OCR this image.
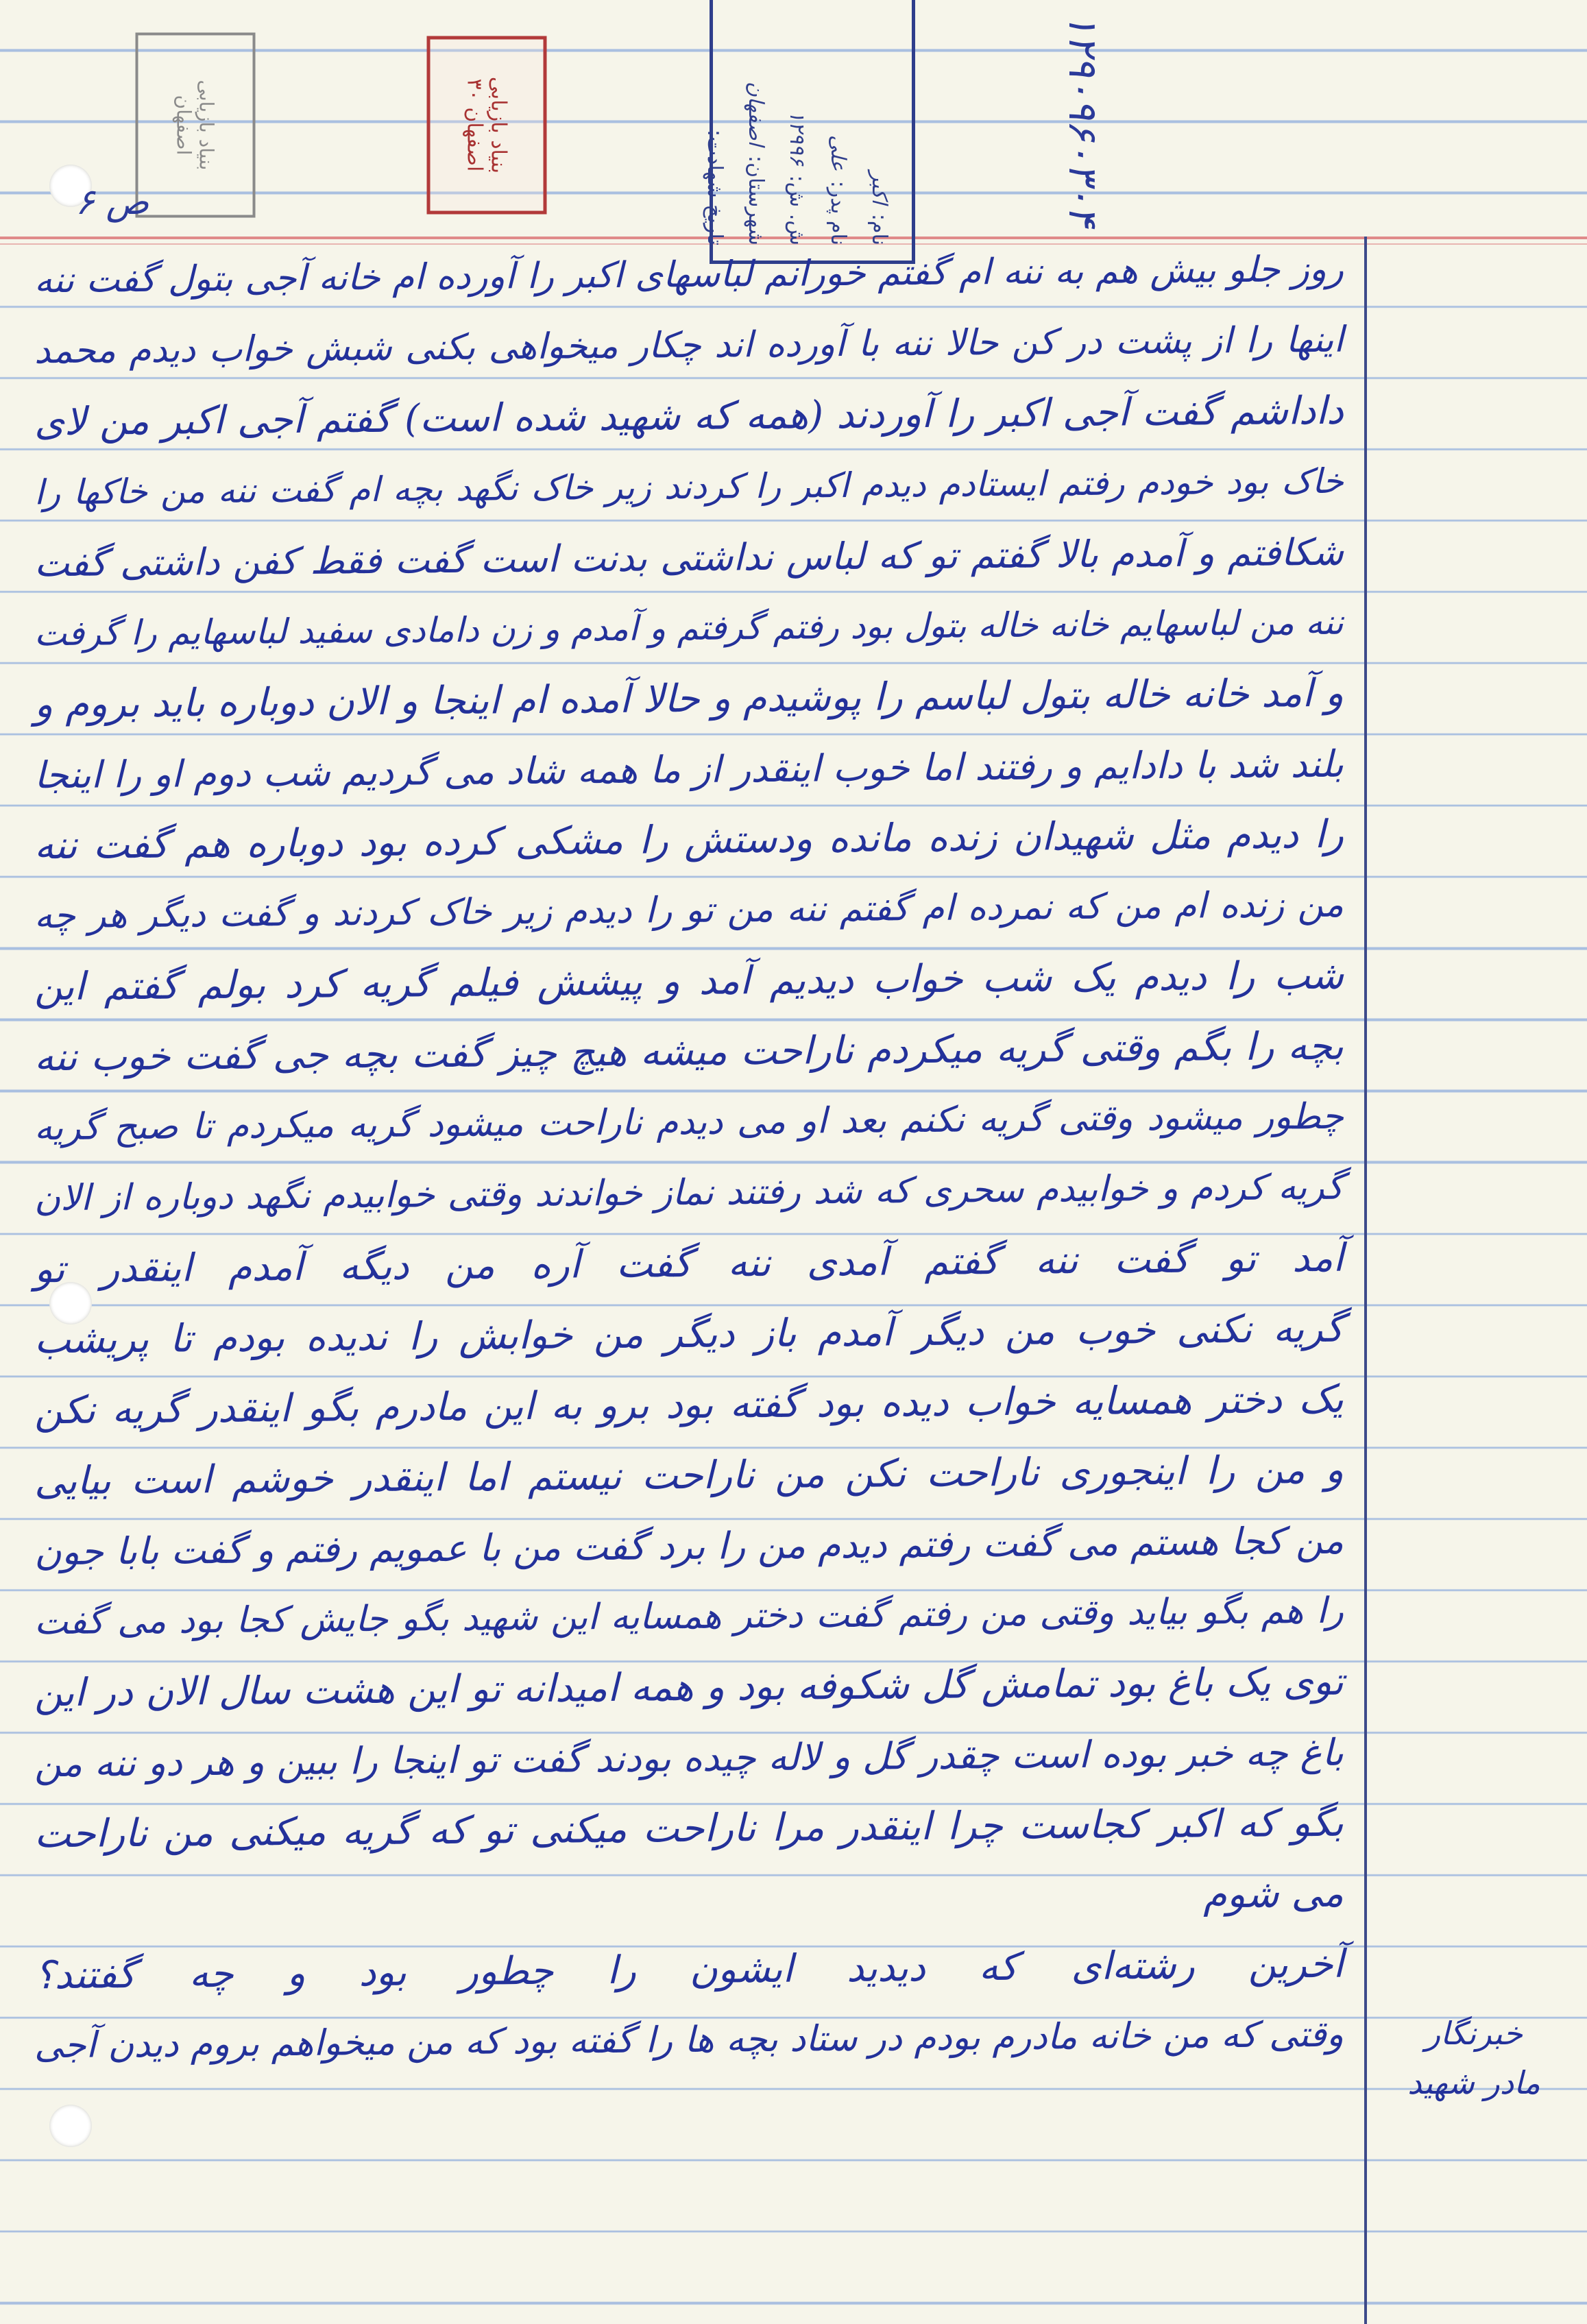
بنیاد بازیابی
اصفهان	بنیاد بازیابی
اصفهان ۳۰
نام:اکبر
نام پدر:علی
ش. ش:۱۲۹۹۶
شهرستان:اصفهان
تاریخ شهادت:	۱۲۹۰۹۶۰۳۰۴
ص ۶
روز جلو بیش هم به ننه ام گفتم خورانم لباسهای اکبر را آورده ام خانه آجی بتول گفت ننه
اینها را از پشت در کن حالا ننه با آورده اند چکار میخواهی بکنی شبش خواب دیدم محمد
داداشم گفت آجی اکبر را آوردند (همه که شهید شده است) گفتم آجی اکبر من لای
خاک بود خودم رفتم ایستادم دیدم اکبر را کردند زیر خاک نگهد بچه ام گفت ننه من خاکها را
شکافتم و آمدم بالا گفتم تو که لباس نداشتی بدنت است گفت فقط کفن داشتی گفت
ننه من لباسهایم خانه خاله بتول بود رفتم گرفتم و آمدم و زن دامادی سفید لباسهایم را گرفت
و آمد خانه خاله بتول لباسم را پوشیدم و حالا آمده ام اینجا و الان دوباره باید بروم و
بلند شد با دادایم و رفتند اما خوب اینقدر از ما همه شاد می گردیم شب دوم او را اینجا
را دیدم مثل شهیدان زنده مانده ودستش را مشکی کرده بود دوباره هم گفت ننه
من زنده ام من که نمرده ام گفتم ننه من تو را دیدم زیر خاک کردند و گفت دیگر هر چه
شب را دیدم یک شب خواب دیدیم آمد و پیشش فیلم گریه کرد بولم گفتم این
بچه را بگم وقتی گریه میکردم ناراحت میشه هیچ چیز گفت بچه جی گفت خوب ننه
چطور میشود وقتی گریه نکنم بعد او می دیدم ناراحت میشود گریه میکردم تا صبح گریه
گریه کردم و خوابیدم سحری که شد رفتند نماز خواندند وقتی خوابیدم نگهد دوباره از الان
آمد تو گفت ننه گفتم آمدی ننه گفت آره من دیگه آمدم اینقدر تو
گریه نکنی خوب من دیگر آمدم باز دیگر من خوابش را ندیده بودم تا پریشب
یک دختر همسایه خواب دیده بود گفته بود برو به این مادرم بگو اینقدر گریه نکن
و من را اینجوری ناراحت نکن من ناراحت نیستم اما اینقدر خوشم است بیایی
من کجا هستم می گفت رفتم دیدم من را برد گفت من با عمویم رفتم و گفت بابا جون
را هم بگو بیاید وقتی من رفتم گفت دختر همسایه این شهید بگو جایش کجا بود می گفت
توی یک باغ بود تمامش گل شکوفه بود و همه امیدانه تو این هشت سال الان در این
باغ چه خبر بوده است چقدر گل و لاله چیده بودند گفت تو اینجا را ببین و هر دو ننه من
بگو که اکبر کجاست چرا اینقدر مرا ناراحت میکنی تو که گریه میکنی من ناراحت
می شوم
آخرین رشته‌ای که دیدید ایشون را چطور بود و چه گفتند؟
وقتی که من خانه مادرم بودم در ستاد بچه ها را گفته بود که من میخواهم بروم دیدن آجی	خبرنگار
مادر شهید
